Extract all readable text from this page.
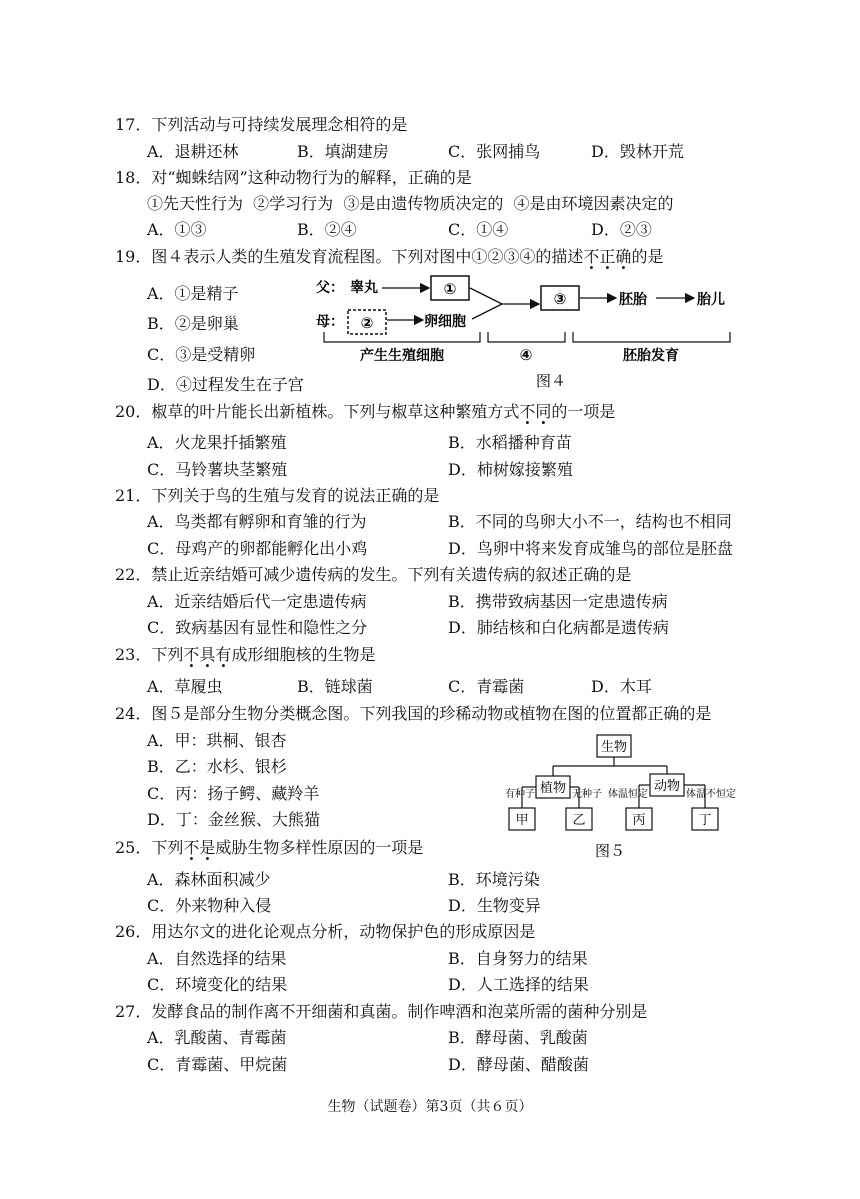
17．下列活动与可持续发展理念相符的是
A．退耕还林	B．填湖建房	C．张网捕鸟	D．毁林开荒
18．对“蜘蛛结网”这种动物行为的解释，正确的是
①先天性行为  ②学习行为  ③是由遗传物质决定的  ④是由环境因素决定的
A．①③	B．②④	C．①④	D．②③
19．图４表示人类的生殖发育流程图。下列对图中①②③④的描述不正确的是
A．①是精子
B．②是卵巢
C．③是受精卵
D．④过程发生在子宫
父： 睾丸	①
母： ②	卵细胞
③	胚胎	胎儿
产生生殖细胞	④	胚胎发育
图４
20．椒草的叶片能长出新植株。下列与椒草这种繁殖方式不同的一项是
A．火龙果扦插繁殖	B．水稻播种育苗
C．马铃薯块茎繁殖	D．柿树嫁接繁殖
21．下列关于鸟的生殖与发育的说法正确的是
A．鸟类都有孵卵和育雏的行为	B．不同的鸟卵大小不一，结构也不相同
C．母鸡产的卵都能孵化出小鸡	D．鸟卵中将来发育成雏鸟的部位是胚盘
22．禁止近亲结婚可减少遗传病的发生。下列有关遗传病的叙述正确的是
A．近亲结婚后代一定患遗传病	B．携带致病基因一定患遗传病
C．致病基因有显性和隐性之分	D．肺结核和白化病都是遗传病
23．下列不具有成形细胞核的生物是
A．草履虫	B．链球菌	C．青霉菌	D．木耳
24．图５是部分生物分类概念图。下列我国的珍稀动物或植物在图的位置都正确的是
A．甲：珙桐、银杏
B．乙：水杉、银杉
C．丙：扬子鳄、藏羚羊
D．丁：金丝猴、大熊猫
生物
植物	动物
有种子	无种子 体温恒定	体温不恒定
甲	乙	丙	丁
图５
25．下列不是威胁生物多样性原因的一项是
A．森林面积减少	B．环境污染
C．外来物种入侵	D．生物变异
26．用达尔文的进化论观点分析，动物保护色的形成原因是
A．自然选择的结果	B．自身努力的结果
C．环境变化的结果	D．人工选择的结果
27．发酵食品的制作离不开细菌和真菌。制作啤酒和泡菜所需的菌种分别是
A．乳酸菌、青霉菌	B．酵母菌、乳酸菌
C．青霉菌、甲烷菌	D．酵母菌、醋酸菌
生物（试题卷）第3页（共６页）
